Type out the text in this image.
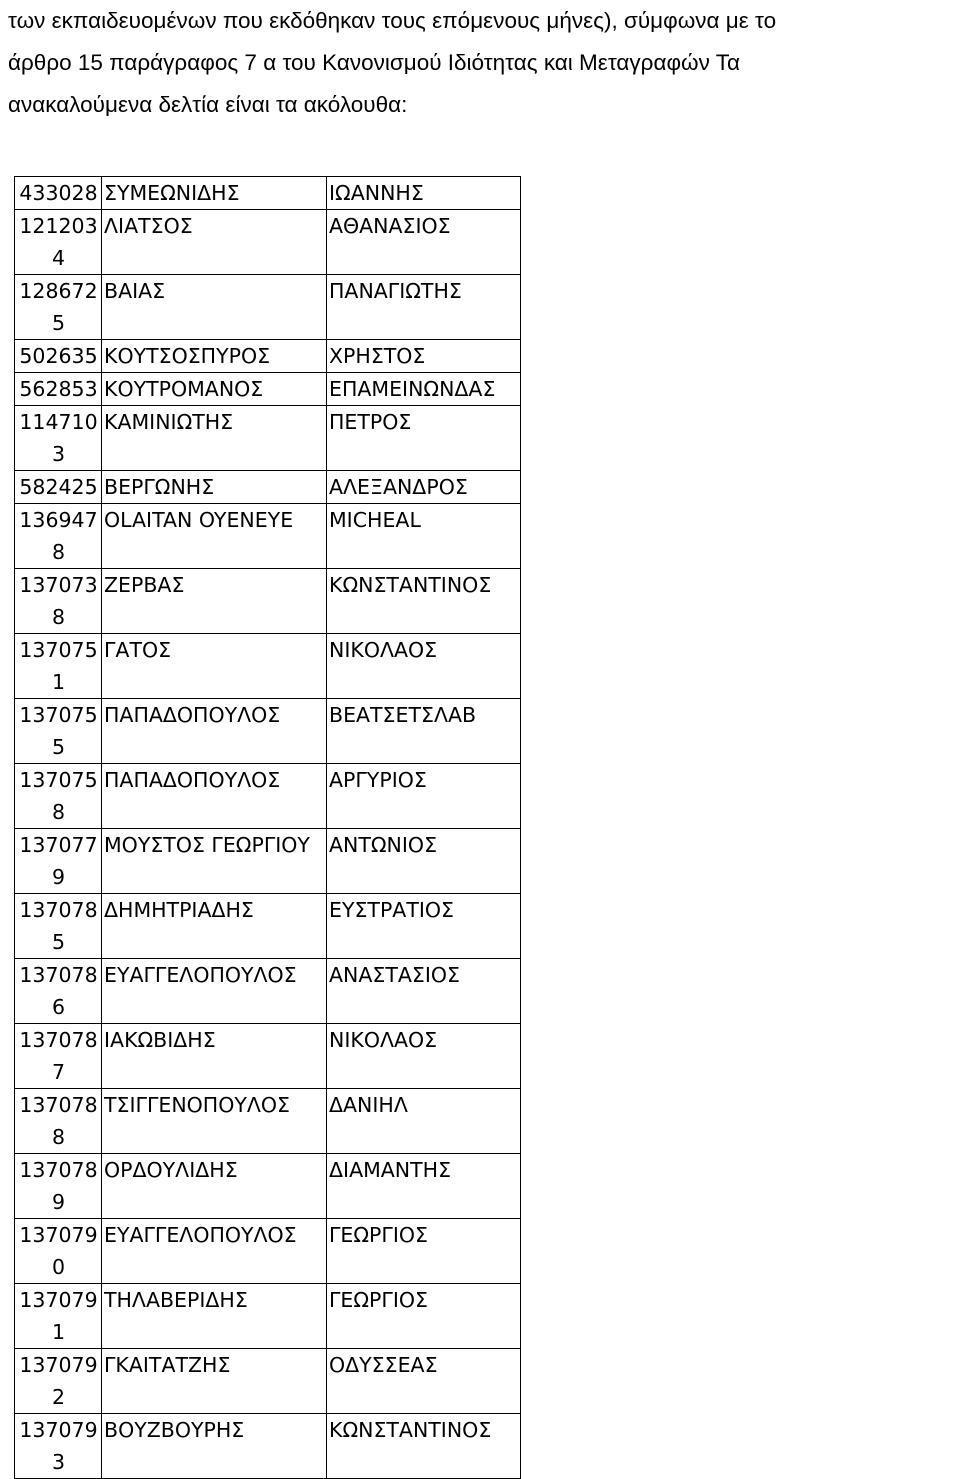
των εκπαιδευομένων που εκδόθηκαν τους επόμενους μήνες), σύμφωνα με το
άρθρο 15 παράγραφος 7 α του Κανονισμού Ιδιότητας και Μεταγραφών Τα
ανακαλούμενα δελτία είναι τα ακόλουθα:
433028	ΣΥΜΕΩΝΙΔΗΣ	ΙΩΑΝΝΗΣ
1212034	ΛΙΑΤΣΟΣ	ΑΘΑΝΑΣΙΟΣ
1286725	ΒΑΙΑΣ	ΠΑΝΑΓΙΩΤΗΣ
502635	ΚΟΥΤΣΟΣΠΥΡΟΣ	ΧΡΗΣΤΟΣ
562853	ΚΟΥΤΡΟΜΑΝΟΣ	ΕΠΑΜΕΙΝΩΝΔΑΣ
1147103	ΚΑΜΙΝΙΩΤΗΣ	ΠΕΤΡΟΣ
582425	ΒΕΡΓΩΝΗΣ	ΑΛΕΞΑΝΔΡΟΣ
1369478	OLAITAN OYENEYE	MICHEAL
1370738	ΖΕΡΒΑΣ	ΚΩΝΣΤΑΝΤΙΝΟΣ
1370751	ΓΑΤΟΣ	ΝΙΚΟΛΑΟΣ
1370755	ΠΑΠΑΔΟΠΟΥΛΟΣ	ΒΕΑΤΣΕΤΣΛΑΒ
1370758	ΠΑΠΑΔΟΠΟΥΛΟΣ	ΑΡΓΥΡΙΟΣ
1370779	ΜΟΥΣΤΟΣ ΓΕΩΡΓΙΟΥ	ΑΝΤΩΝΙΟΣ
1370785	ΔΗΜΗΤΡΙΑΔΗΣ	ΕΥΣΤΡΑΤΙΟΣ
1370786	ΕΥΑΓΓΕΛΟΠΟΥΛΟΣ	ΑΝΑΣΤΑΣΙΟΣ
1370787	ΙΑΚΩΒΙΔΗΣ	ΝΙΚΟΛΑΟΣ
1370788	ΤΣΙΓΓΕΝΟΠΟΥΛΟΣ	ΔΑΝΙΗΛ
1370789	ΟΡΔΟΥΛΙΔΗΣ	ΔΙΑΜΑΝΤΗΣ
1370790	ΕΥΑΓΓΕΛΟΠΟΥΛΟΣ	ΓΕΩΡΓΙΟΣ
1370791	ΤΗΛΑΒΕΡΙΔΗΣ	ΓΕΩΡΓΙΟΣ
1370792	ΓΚΑΙΤΑΤΖΗΣ	ΟΔΥΣΣΕΑΣ
1370793	ΒΟΥΖΒΟΥΡΗΣ	ΚΩΝΣΤΑΝΤΙΝΟΣ
